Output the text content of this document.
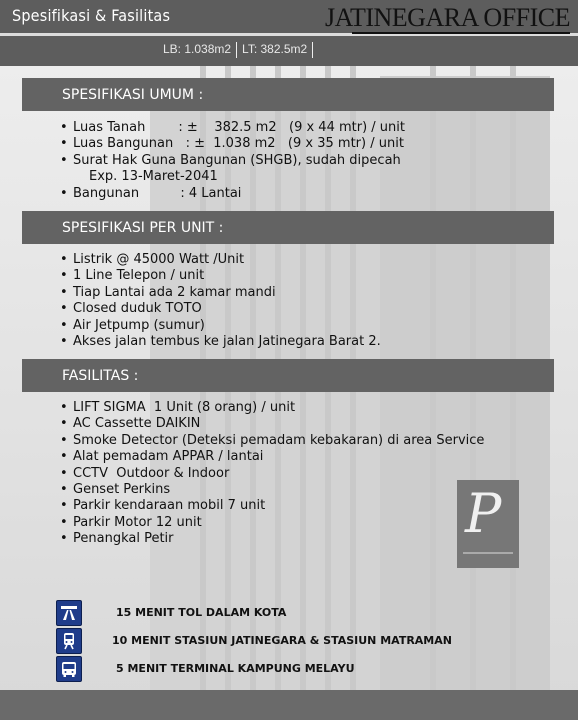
Spesifikasi & Fasilitas	JATINEGARA OFFICE
LB: 1.038m2 LT: 382.5m2
SPESIFIKASI UMUM :
• Luas Tanah        : ±    382.5 m2   (9 x 44 mtr) / unit
• Luas Bangunan   : ±  1.038 m2   (9 x 35 mtr) / unit
• Surat Hak Guna Bangunan (SHGB), sudah dipecah
Exp. 13-Maret-2041
• Bangunan          : 4 Lantai
SPESIFIKASI PER UNIT :
• Listrik @ 45000 Watt /Unit
• 1 Line Telepon / unit
• Tiap Lantai ada 2 kamar mandi
• Closed duduk TOTO
• Air Jetpump (sumur)
• Akses jalan tembus ke jalan Jatinegara Barat 2.
FASILITAS :
• LIFT SIGMA  1 Unit (8 orang) / unit
• AC Cassette DAIKIN
• Smoke Detector (Deteksi pemadam kebakaran) di area Service
• Alat pemadam APPAR / lantai
• CCTV  Outdoor & Indoor
• Genset Perkins
• Parkir kendaraan mobil 7 unit
• Parkir Motor 12 unit
• Penangkal Petir	P
15 MENIT TOL DALAM KOTA
10 MENIT STASIUN JATINEGARA & STASIUN MATRAMAN
5 MENIT TERMINAL KAMPUNG MELAYU
